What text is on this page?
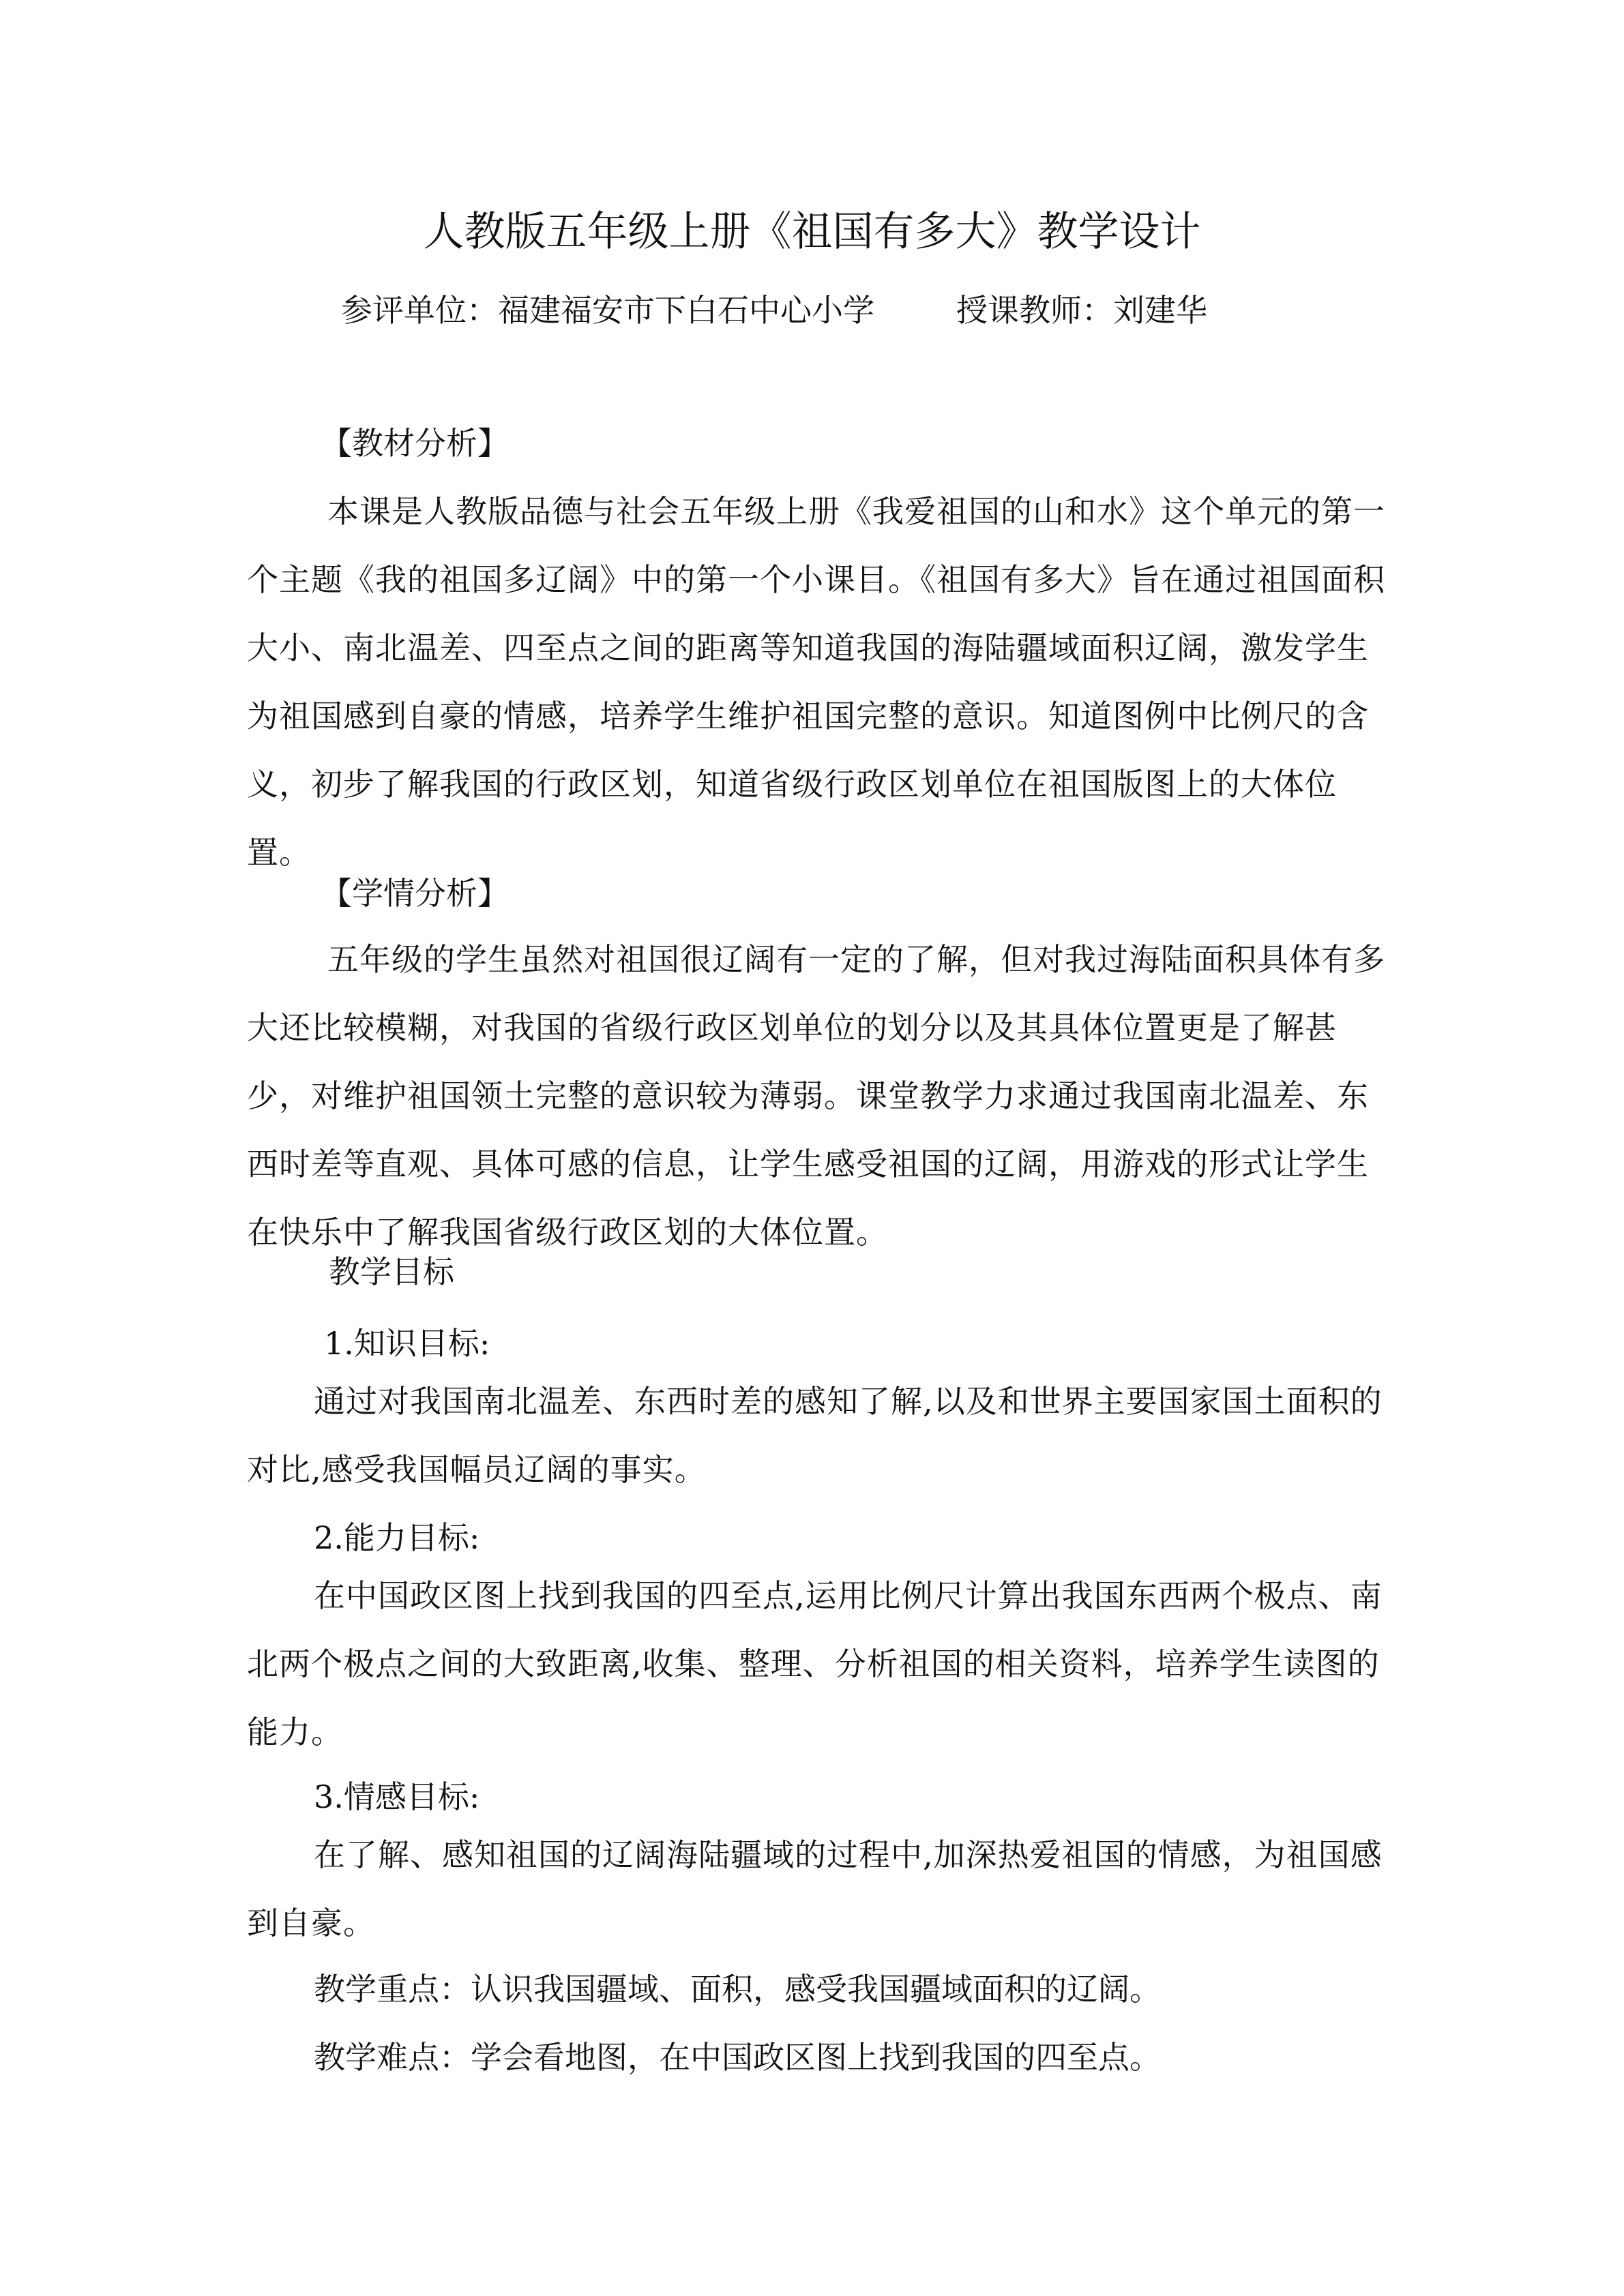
人教版五年级上册《祖国有多大》教学设计
参评单位：福建福安市下白石中心小学	授课教师：刘建华
【教材分析】

本课是人教版品德与社会五年级上册《我爱祖国的山和水》这个单元的第一个主题《我的祖国多辽阔》中的第一个小课目。《祖国有多大》旨在通过祖国面积大小、南北温差、四至点之间的距离等知道我国的海陆疆域面积辽阔，激发学生为祖国感到自豪的情感，培养学生维护祖国完整的意识。知道图例中比例尺的含义，初步了解我国的行政区划，知道省级行政区划单位在祖国版图上的大体位置。

【学情分析】

五年级的学生虽然对祖国很辽阔有一定的了解，但对我过海陆面积具体有多大还比较模糊，对我国的省级行政区划单位的划分以及其具体位置更是了解甚少，对维护祖国领土完整的意识较为薄弱。课堂教学力求通过我国南北温差、东西时差等直观、具体可感的信息，让学生感受祖国的辽阔，用游戏的形式让学生在快乐中了解我国省级行政区划的大体位置。

教学目标
1.知识目标:

通过对我国南北温差、东西时差的感知了解,以及和世界主要国家国土面积的对比,感受我国幅员辽阔的事实。

2.能力目标:

在中国政区图上找到我国的四至点,运用比例尺计算出我国东西两个极点、南北两个极点之间的大致距离,收集、整理、分析祖国的相关资料，培养学生读图的能力。

3.情感目标:

在了解、感知祖国的辽阔海陆疆域的过程中,加深热爱祖国的情感，为祖国感到自豪。

教学重点：认识我国疆域、面积，感受我国疆域面积的辽阔。
教学难点：学会看地图，在中国政区图上找到我国的四至点。
